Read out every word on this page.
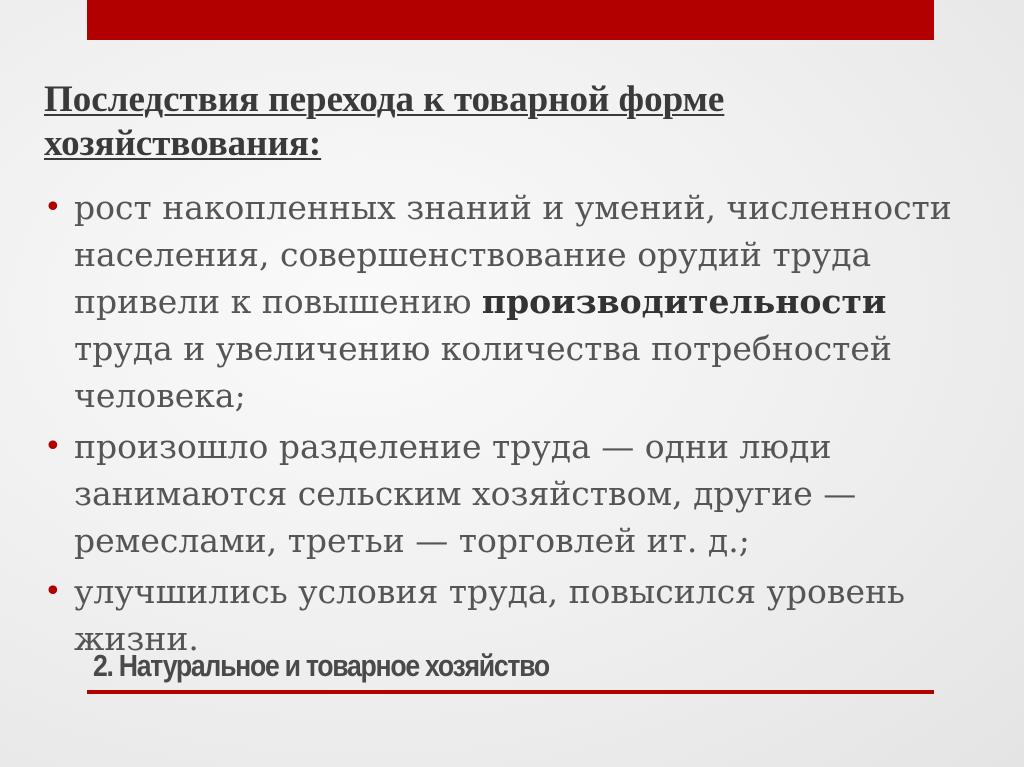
Последствия перехода к товарной форме хозяйствования:
• рост накопленных знаний и умений, численности населения, совершенствование орудий труда привели к повышению производительности труда и увеличению количества потребностей человека;
• произошло разделение труда — одни люди занимаются сельским хозяйством, другие — ремеслами, третьи — торговлей ит. д.;
• улучшились условия труда, повысился уровень жизни.
2. Натуральное и товарное хозяйство
